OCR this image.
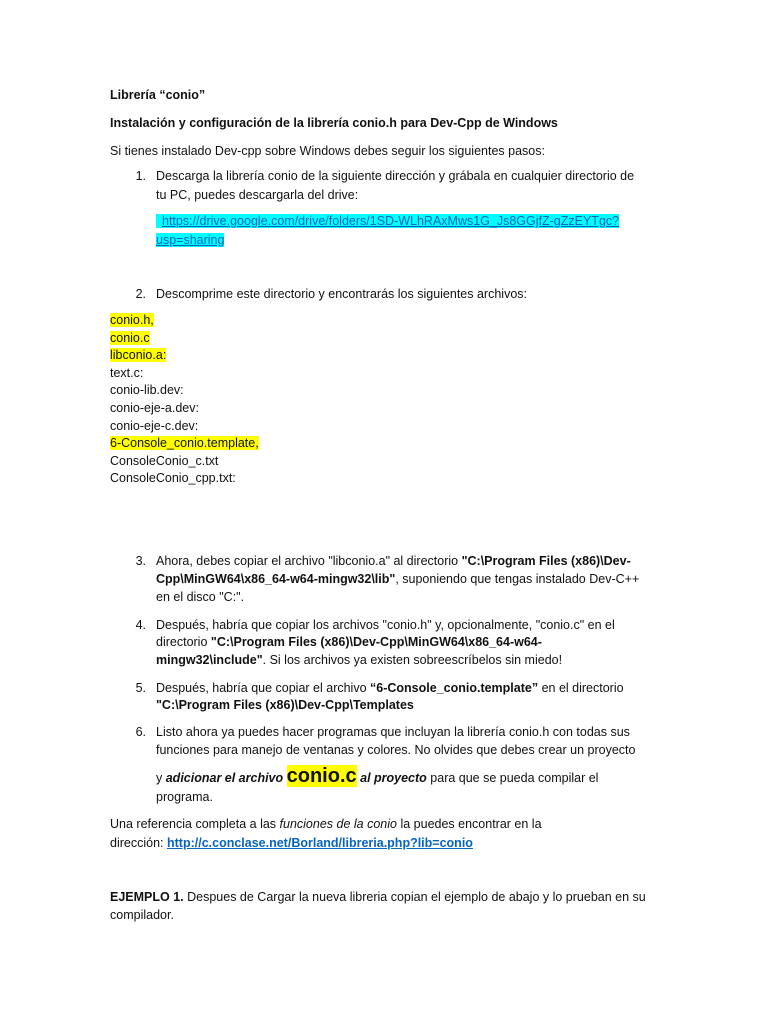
Librería “conio”
Instalación y configuración de la librería conio.h para Dev-Cpp de Windows
Si tienes instalado Dev-cpp sobre Windows debes seguir los siguientes pasos:
1. Descarga la librería conio de la siguiente dirección y grábala en cualquier directorio de
tu PC, puedes descargarla del drive:
https://drive.google.com/drive/folders/1SD-WLhRAxMws1G_Js8GGjfZ-gZzEYTgc?
usp=sharing
2. Descomprime este directorio y encontrarás los siguientes archivos:
conio.h,
conio.c
libconio.a:
text.c:
conio-lib.dev:
conio-eje-a.dev:
conio-eje-c.dev:
6-Console_conio.template,
ConsoleConio_c.txt
ConsoleConio_cpp.txt:
3. Ahora, debes copiar el archivo "libconio.a" al directorio "C:\Program Files (x86)\Dev-
Cpp\MinGW64\x86_64-w64-mingw32\lib", suponiendo que tengas instalado Dev-C++
en el disco "C:".
4. Después, habría que copiar los archivos "conio.h" y, opcionalmente, "conio.c" en el
directorio "C:\Program Files (x86)\Dev-Cpp\MinGW64\x86_64-w64-
mingw32\include". Si los archivos ya existen sobreescríbelos sin miedo!
5. Después, habría que copiar el archivo “6-Console_conio.template” en el directorio
"C:\Program Files (x86)\Dev-Cpp\Templates
6. Listo ahora ya puedes hacer programas que incluyan la librería conio.h con todas sus
funciones para manejo de ventanas y colores. No olvides que debes crear un proyecto
y adicionar el archivo conio.c al proyecto para que se pueda compilar el
programa.
Una referencia completa a las funciones de la conio la puedes encontrar en la
dirección: http://c.conclase.net/Borland/libreria.php?lib=conio
EJEMPLO 1. Despues de Cargar la nueva libreria copian el ejemplo de abajo y lo prueban en su
compilador.
